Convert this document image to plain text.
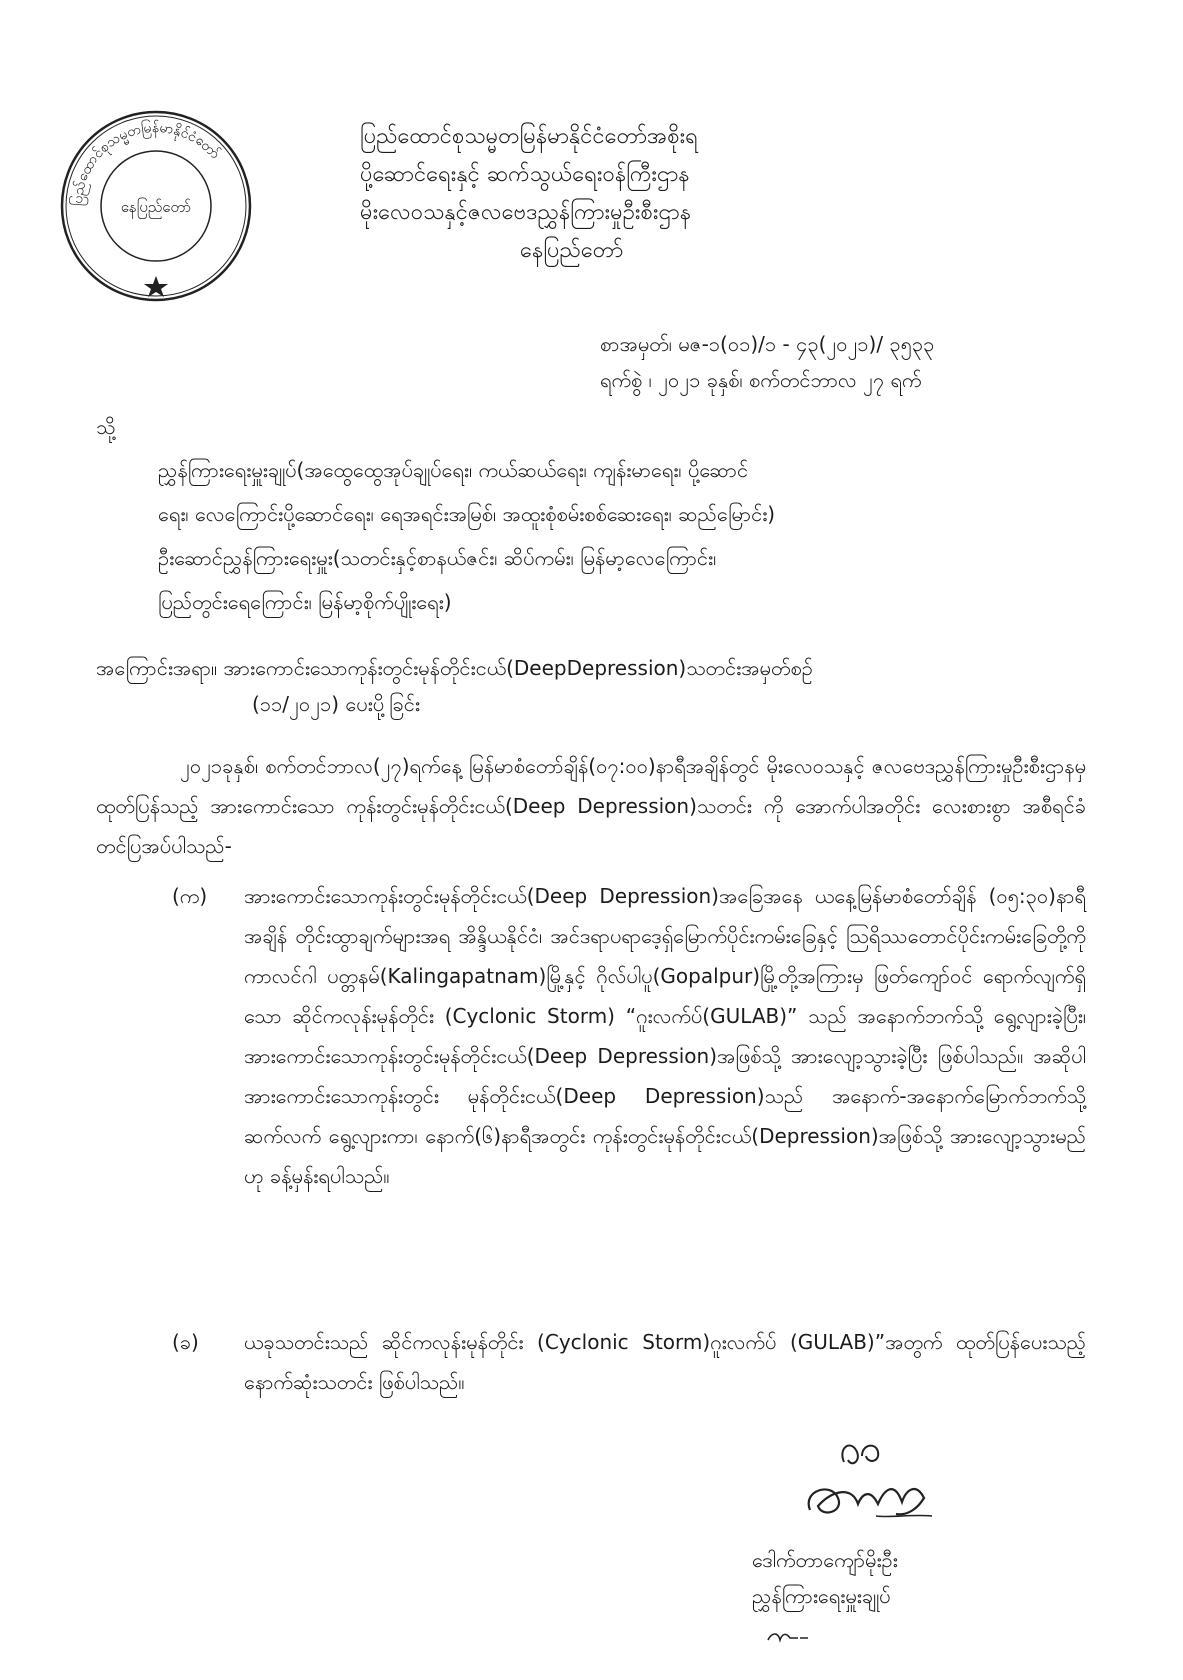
ပြည်ထောင်စုသမ္မတမြန်မာနိုင်ငံတော်
နေပြည်တော်
ပြည်ထောင်စုသမ္မတမြန်မာနိုင်ငံတော်အစိုးရ
ပို့ဆောင်ရေးနှင့် ဆက်သွယ်ရေးဝန်ကြီးဌာန
မိုးလေဝသနှင့်ဇလဗေဒညွှန်ကြားမှုဦးစီးဌာန
နေပြည်တော်
စာအမှတ်၊ မဇ-၁(၀၁)/၁ - ၄၃(၂၀၂၁)/ ၃၅၃၃
ရက်စွဲ ၊ ၂၀၂၁ ခုနှစ်၊ စက်တင်ဘာလ ၂၇ ရက်
သို့
ညွှန်ကြားရေးမှူးချုပ်(အထွေထွေအုပ်ချုပ်ရေး၊ ကယ်ဆယ်ရေး၊ ကျန်းမာရေး၊ ပို့ဆောင်
ရေး၊ လေကြောင်းပို့ဆောင်ရေး၊ ရေအရင်းအမြစ်၊ အထူးစုံစမ်းစစ်ဆေးရေး၊ ဆည်မြောင်း)
ဦးဆောင်ညွှန်ကြားရေးမှူး(သတင်းနှင့်စာနယ်ဇင်း၊ ဆိပ်ကမ်း၊ မြန်မာ့လေကြောင်း၊
ပြည်တွင်းရေကြောင်း၊ မြန်မာ့စိုက်ပျိုးရေး)
အကြောင်းအရာ။ အားကောင်းသောကုန်းတွင်းမုန်တိုင်းငယ်(DeepDepression)သတင်းအမှတ်စဉ်
(၁၁/၂၀၂၁) ပေးပို့ခြင်း
၂၀၂၁ခုနှစ်၊ စက်တင်ဘာလ(၂၇)ရက်နေ့ မြန်မာစံတော်ချိန်(၀၇:၀၀)နာရီအချိန်တွင် မိုးလေဝသနှင့် ဇလဗေဒညွှန်ကြားမှုဦးစီးဌာနမှ ထုတ်ပြန်သည့် အားကောင်းသော ကုန်းတွင်းမုန်တိုင်းငယ်(Deep Depression)သတင်း ကို အောက်ပါအတိုင်း လေးစားစွာ အစီရင်ခံတင်ပြအပ်ပါသည်-
(က) အားကောင်းသောကုန်းတွင်းမုန်တိုင်းငယ်(Deep Depression)အခြေအနေ ယနေ့မြန်မာစံတော်ချိန် (၀၅:၃၀)နာရီအချိန် တိုင်းထွာချက်များအရ အိန္ဒိယနိုင်ငံ၊ အင်ဒရာပရာဒေ့ရှ်မြောက်ပိုင်းကမ်းခြေနှင့် ဩရိဿတောင်ပိုင်းကမ်းခြေတို့ကို ကာလင်ဂါ ပတ္တနမ်(Kalingapatnam)မြို့နှင့် ဂိုလ်ပါပူ(Gopalpur)မြို့တို့အကြားမှ ဖြတ်ကျော်ဝင် ရောက်လျက်ရှိသော ဆိုင်ကလုန်းမုန်တိုင်း (Cyclonic Storm) “ဂူးလက်ပ်(GULAB)” သည် အနောက်ဘက်သို့ ရွေ့လျားခဲ့ပြီး၊ အားကောင်းသောကုန်းတွင်းမုန်တိုင်းငယ်(Deep Depression)အဖြစ်သို့ အားလျော့သွားခဲ့ပြီး ဖြစ်ပါသည်။ အဆိုပါ အားကောင်းသောကုန်းတွင်း မုန်တိုင်းငယ်(Deep Depression)သည် အနောက်-အနောက်မြောက်ဘက်သို့ ဆက်လက် ရွေ့လျားကာ၊ နောက်(၆)နာရီအတွင်း ကုန်းတွင်းမုန်တိုင်းငယ်(Depression)အဖြစ်သို့ အားလျော့သွားမည်ဟု ခန့်မှန်းရပါသည်။
(ခ) ယခုသတင်းသည် ဆိုင်ကလုန်းမုန်တိုင်း (Cyclonic Storm)ဂူးလက်ပ် (GULAB)”အတွက် ထုတ်ပြန်ပေးသည့် နောက်ဆုံးသတင်း ဖြစ်ပါသည်။
ဒေါက်တာကျော်မိုးဦး
ညွှန်ကြားရေးမှူးချုပ်
